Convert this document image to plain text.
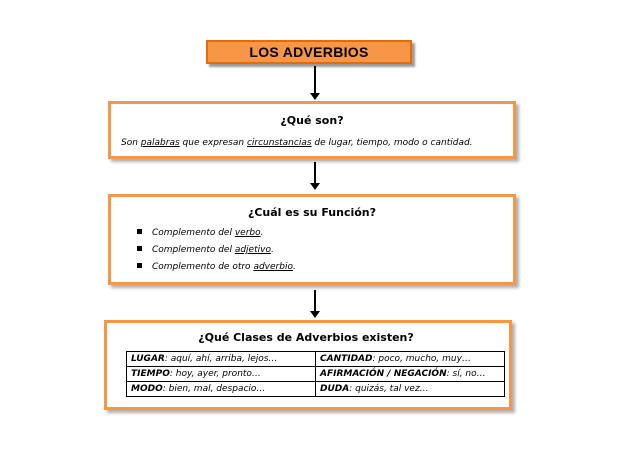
LOS ADVERBIOS
¿Qué son?
Son palabras que expresan circunstancias de lugar, tiempo, modo o cantidad.
¿Cuál es su Función?
Complemento del verbo.
Complemento del adjetivo.
Complemento de otro adverbio.
¿Qué Clases de Adverbios existen?
LUGAR: aquí, ahí, arriba, lejos…	CANTIDAD: poco, mucho, muy…
TIEMPO: hoy, ayer, pronto…	AFIRMACIÓN / NEGACIÓN: sí, no…
MODO: bien, mal, despacio…	DUDA: quizás, tal vez…
